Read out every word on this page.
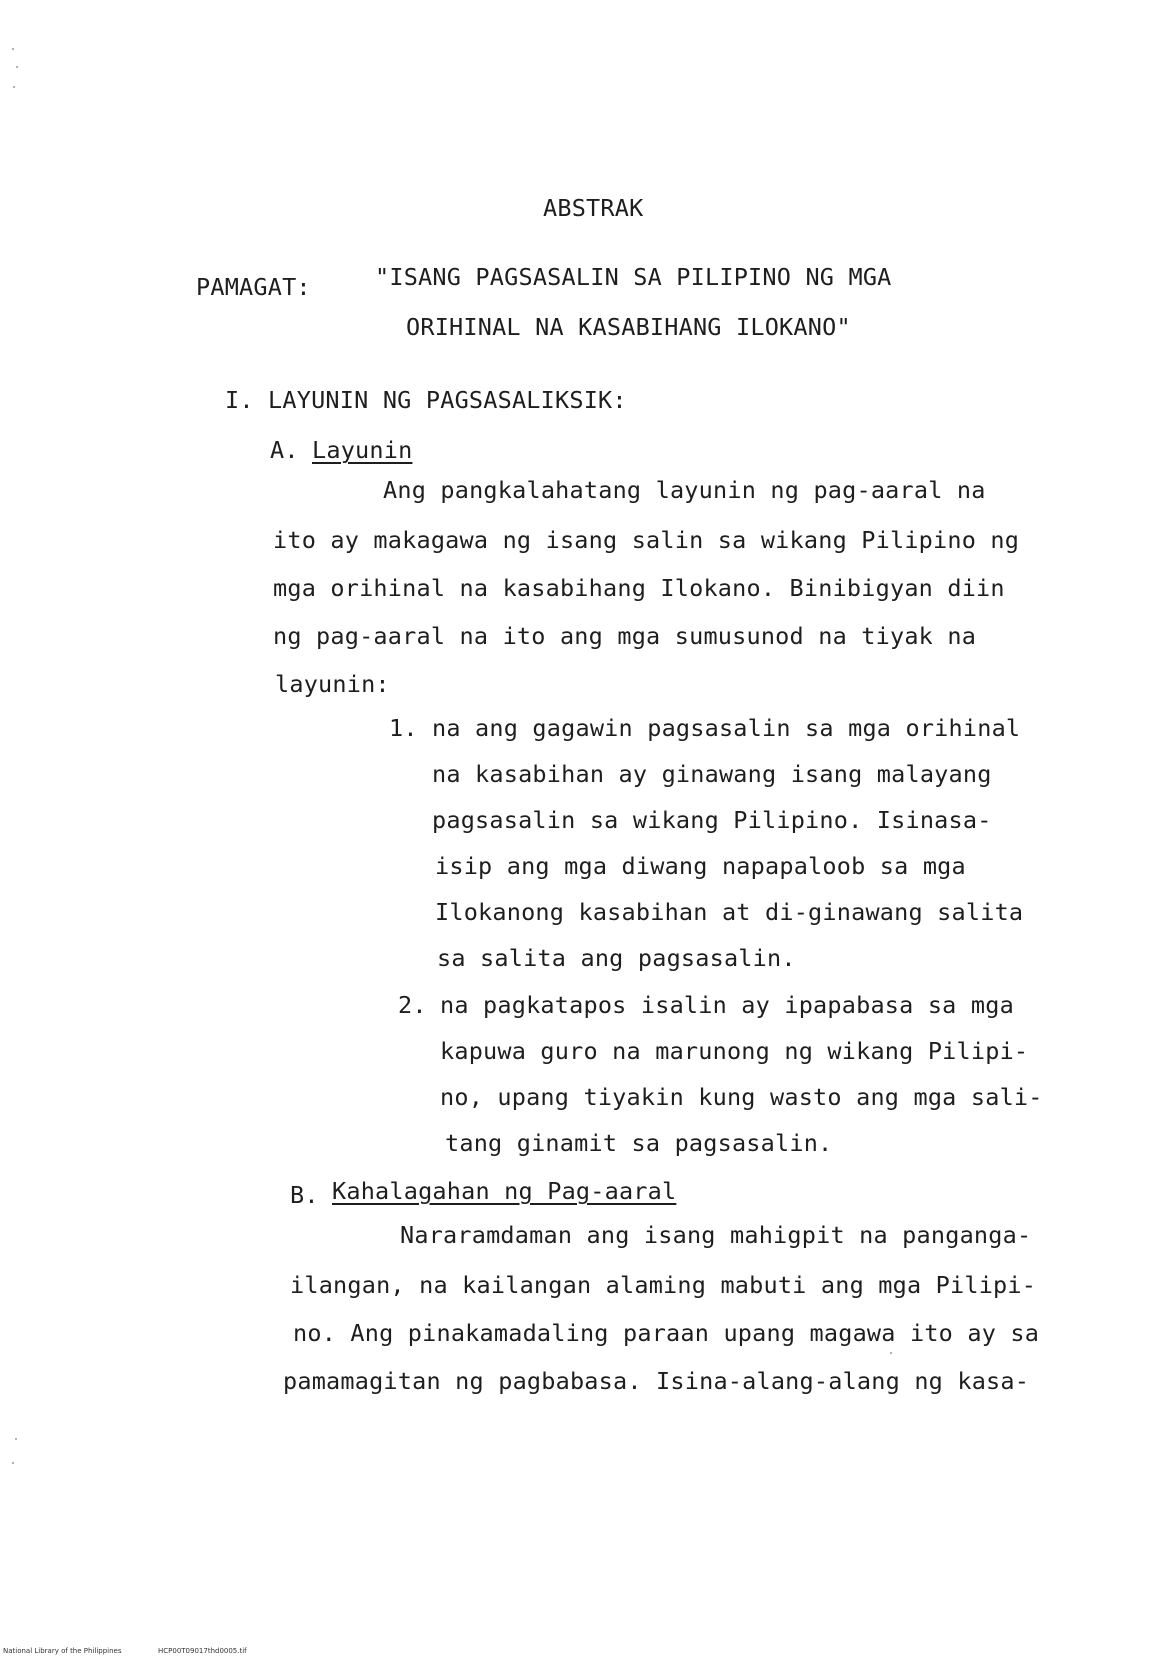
ABSTRAK
PAMAGAT:	"ISANG PAGSASALIN SA PILIPINO NG MGA
ORIHINAL NA KASABIHANG ILOKANO"
I. LAYUNIN NG PAGSASALIKSIK:
A. Layunin
Ang pangkalahatang layunin ng pag-aaral na
ito ay makagawa ng isang salin sa wikang Pilipino ng
mga orihinal na kasabihang Ilokano. Binibigyan diin
ng pag-aaral na ito ang mga sumusunod na tiyak na
layunin:
1. na ang gagawin pagsasalin sa mga orihinal
na kasabihan ay ginawang isang malayang
pagsasalin sa wikang Pilipino. Isinasa-
isip ang mga diwang napapaloob sa mga
Ilokanong kasabihan at di-ginawang salita
sa salita ang pagsasalin.
2. na pagkatapos isalin ay ipapabasa sa mga
kapuwa guro na marunong ng wikang Pilipi-
no, upang tiyakin kung wasto ang mga sali-
tang ginamit sa pagsasalin.
B. Kahalagahan ng Pag-aaral
Nararamdaman ang isang mahigpit na panganga-
ilangan, na kailangan alaming mabuti ang mga Pilipi-
no. Ang pinakamadaling paraan upang magawa ito ay sa
pamamagitan ng pagbabasa. Isina-alang-alang ng kasa-
National Library of the Philippines	HCP00T09017thd0005.tif
